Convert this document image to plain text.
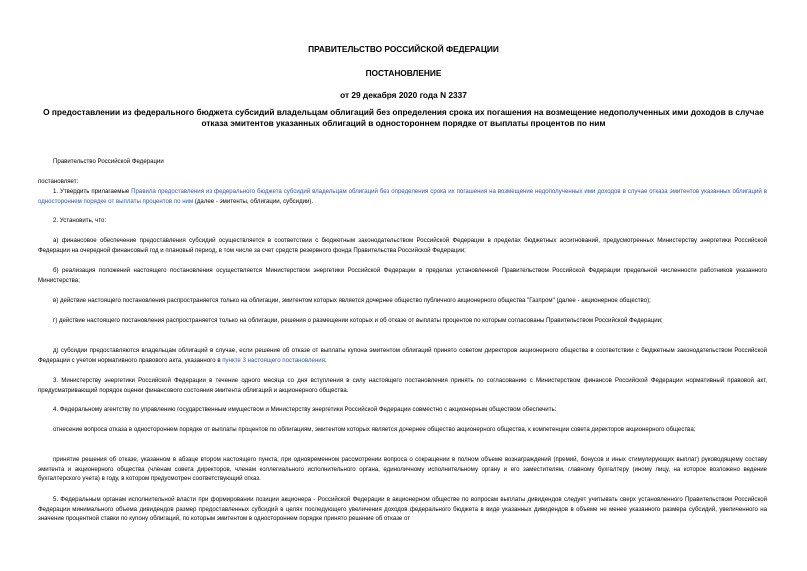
ПРАВИТЕЛЬСТВО РОССИЙСКОЙ ФЕДЕРАЦИИ
ПОСТАНОВЛЕНИЕ
от 29 декабря 2020 года N 2337
О предоставлении из федерального бюджета субсидий владельцам облигаций без определения срока их погашения на возмещение недополученных ими доходов в случае отказа эмитентов указанных облигаций в одностороннем порядке от выплаты процентов по ним
Правительство Российской Федерации
постановляет:
1. Утвердить прилагаемые Правила предоставления из федерального бюджета субсидий владельцам облигаций без определения срока их погашения на возмещение недополученных ими доходов в случае отказа эмитентов указанных облигаций в одностороннем порядке от выплаты процентов по ним (далее - эмитенты, облигации, субсидии).
2. Установить, что:
а) финансовое обеспечение предоставления субсидий осуществляется в соответствии с бюджетным законодательством Российской Федерации в пределах бюджетных ассигнований, предусмотренных Министерству энергетики Российской Федерации на очередной финансовый год и плановый период, в том числе за счет средств резервного фонда Правительства Российской Федерации;
б) реализация положений настоящего постановления осуществляется Министерством энергетики Российской Федерации в пределах установленной Правительством Российской Федерации предельной численности работников указанного Министерства;
в) действие настоящего постановления распространяется только на облигации, эмитентом которых является дочернее общество публичного акционерного общества "Газпром" (далее - акционерное общество);
г) действие настоящего постановления распространяется только на облигации, решения о размещении которых и об отказе от выплаты процентов по которым согласованы Правительством Российской Федерации;
д) субсидии предоставляются владельцам облигаций в случае, если решение об отказе от выплаты купона эмитентом облигаций принято советом директоров акционерного общества в соответствии с бюджетным законодательством Российской Федерации с учетом нормативного правового акта, указанного в пункте 3 настоящего постановления.
3. Министерству энергетики Российской Федерации в течение одного месяца со дня вступления в силу настоящего постановления принять по согласованию с Министерством финансов Российской Федерации нормативный правовой акт, предусматривающий порядок оценки финансового состояния эмитента облигаций и акционерного общества.
4. Федеральному агентству по управлению государственным имуществом и Министерству энергетики Российской Федерации совместно с акционерным обществом обеспечить:
отнесение вопроса отказа в одностороннем порядке от выплаты процентов по облигациям, эмитентом которых является дочернее общество акционерного общества, к компетенции совета директоров акционерного общества;
принятие решения об отказе, указанном в абзаце втором настоящего пункта, при одновременном рассмотрении вопроса о сокращении в полном объеме вознаграждений (премий, бонусов и иных стимулирующих выплат) руководящему составу эмитента и акционерного общества (членам совета директоров, членам коллегиального исполнительного органа, единоличному исполнительному органу и его заместителям, главному бухгалтеру (иному лицу, на которое возложено ведение бухгалтерского учета) в году, в котором предусмотрен соответствующий отказ.
5. Федеральным органам исполнительной власти при формировании позиции акционера - Российской Федерации в акционерном обществе по вопросам выплаты дивидендов следует учитывать сверх установленного Правительством Российской Федерации минимального объема дивидендов размер предоставленных субсидий в целях последующего увеличения доходов федерального бюджета в виде указанных дивидендов в объеме не менее указанного размера субсидий, увеличенного на значение процентной ставки по купону облигаций, по которым эмитентом в одностороннем порядке принято решение об отказе от
